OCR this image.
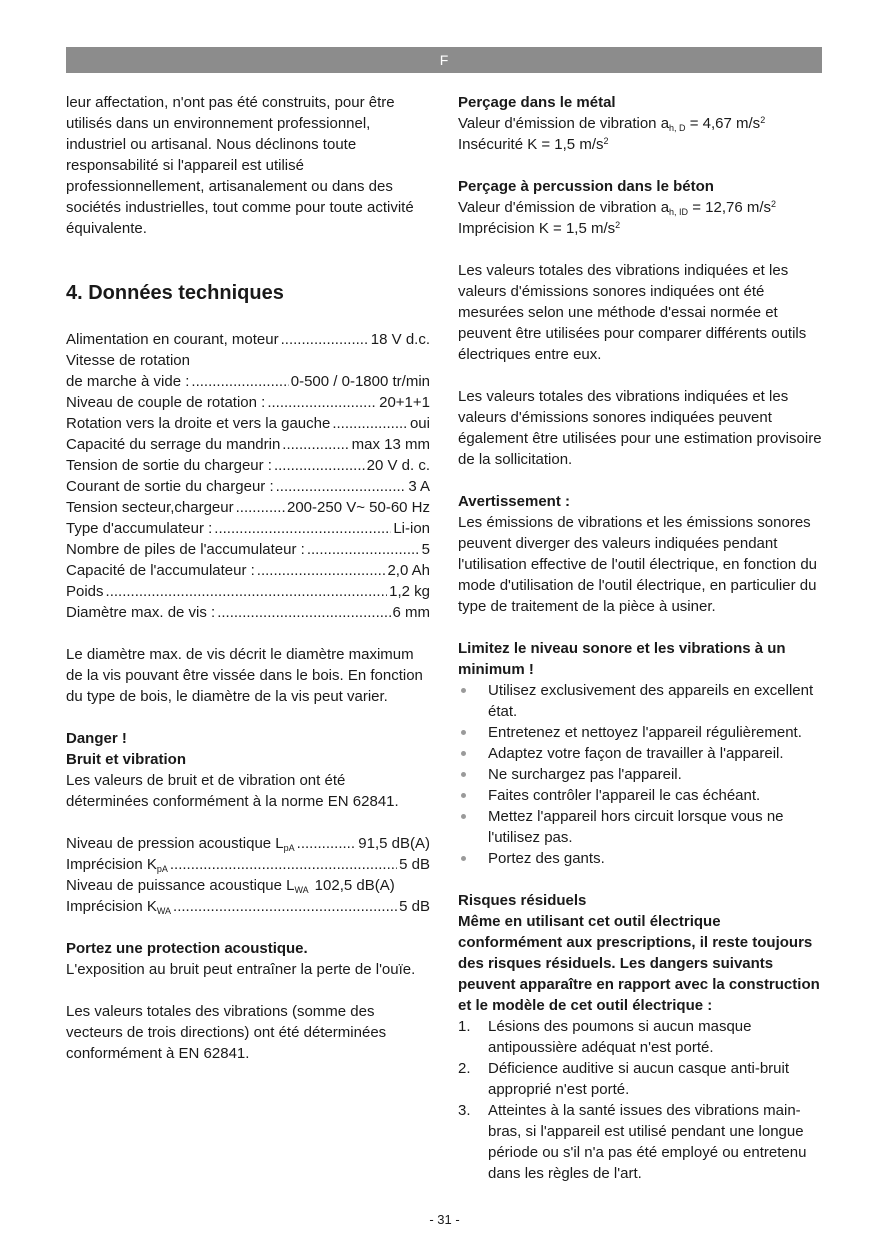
F

leur affectation, n'ont pas été construits, pour être utilisés dans un environnement professionnel, industriel ou artisanal. Nous déclinons toute responsabilité si l'appareil est utilisé professionnellement, artisanalement ou dans des sociétés industrielles, tout comme pour toute activité équivalente.

4. Données techniques
Alimentation en courant, moteur .....	18 V d.c.
Vitesse de rotation
de marche à vide : .....	0-500 / 0-1800 tr/min
Niveau de couple de rotation : .....	20+1+1
Rotation vers la droite et vers la gauche .....	oui
Capacité du serrage du mandrin .....	max 13 mm
Tension de sortie du chargeur : .....	20 V d. c.
Courant de sortie du chargeur : .....	3 A
Tension secteur,chargeur .....	200-250 V~ 50-60 Hz
Type d'accumulateur : .....	Li-ion
Nombre de piles de l'accumulateur : .....	5
Capacité de l'accumulateur : .....	2,0 Ah
Poids .....	1,2 kg
Diamètre max. de vis : .....	6 mm

Le diamètre max. de vis décrit le diamètre maximum de la vis pouvant être vissée dans le bois. En fonction du type de bois, le diamètre de la vis peut varier.

Danger !

Bruit et vibration

Les valeurs de bruit et de vibration ont été déterminées conformément à la norme EN 62841.

Niveau de pression acoustique $L_{pA}$ .....	91,5 dB(A)
Imprécision $K_{pA}$ .....	5 dB
Niveau de puissance acoustique $L_{WA}$ 102,5 dB(A)
Imprécision $K_{WA}$ .....	5 dB

Portez une protection acoustique.

L'exposition au bruit peut entraîner la perte de l'ouïe.

Les valeurs totales des vibrations (somme des vecteurs de trois directions) ont été déterminées conformément à EN 62841.

Perçage dans le métal

Valeur d'émission de vibration $a_{h, D} = 4,67$ $m/s^2$

Insécurité K = 1,5 $m/s^2$

Perçage à percussion dans le béton

Valeur d'émission de vibration $a_{h, ID} = 12,76$ $m/s^2$

Imprécision K = 1,5 $m/s^2$

Les valeurs totales des vibrations indiquées et les valeurs d'émissions sonores indiquées ont été mesurées selon une méthode d'essai normée et peuvent être utilisées pour comparer différents outils électriques entre eux.

Les valeurs totales des vibrations indiquées et les valeurs d'émissions sonores indiquées peuvent également être utilisées pour une estimation provisoire de la sollicitation.

Avertissement :

Les émissions de vibrations et les émissions sonores peuvent diverger des valeurs indiquées pendant l'utilisation effective de l'outil électrique, en fonction du mode d'utilisation de l'outil électrique, en particulier du type de traitement de la pièce à usiner.

Limitez le niveau sonore et les vibrations à un minimum !

Utilisez exclusivement des appareils en excellent état.
Entretenez et nettoyez l'appareil régulièrement.
Adaptez votre façon de travailler à l'appareil.
Ne surchargez pas l'appareil.
Faites contrôler l'appareil le cas échéant.
Mettez l'appareil hors circuit lorsque vous ne l'utilisez pas.
Portez des gants.

Risques résiduels

Même en utilisant cet outil électrique conformément aux prescriptions, il reste toujours des risques résiduels. Les dangers suivants peuvent apparaître en rapport avec la construction et le modèle de cet outil électrique :

1. Lésions des poumons si aucun masque antipoussière adéquat n'est porté.
2. Déficience auditive si aucun casque anti-bruit approprié n'est porté.
3. Atteintes à la santé issues des vibrations main-bras, si l'appareil est utilisé pendant une longue période ou s'il n'a pas été employé ou entretenu dans les règles de l'art.
- 31 -
